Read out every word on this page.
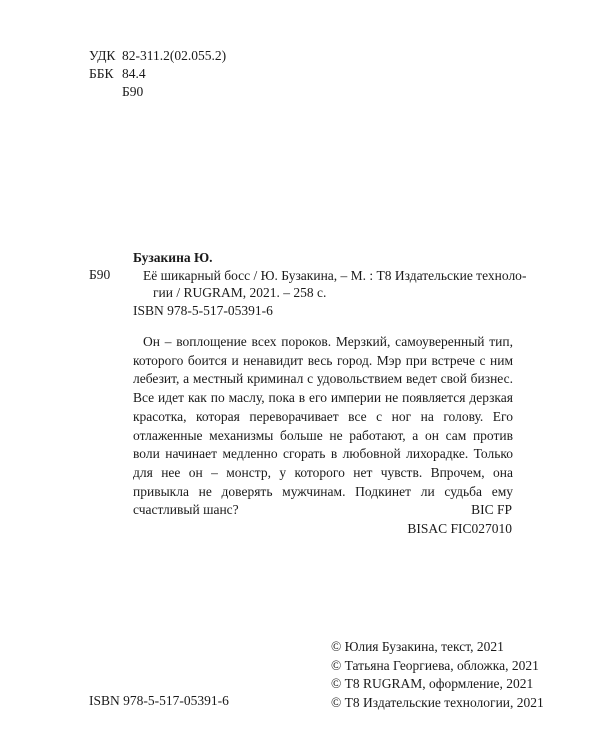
УДК 82-311.2(02.055.2)
ББК 84.4
Б90
Бузакина Ю.
Б90 Её шикарный босс / Ю. Бузакина, – М. : Т8 Издательские технологии / RUGRAM, 2021. – 258 с.
ISBN 978-5-517-05391-6
Он – воплощение всех пороков. Мерзкий, самоуверенный тип, которого боится и ненавидит весь город. Мэр при встрече с ним лебезит, а местный криминал с удовольствием ведет свой бизнес. Все идет как по маслу, пока в его империи не появляется дерзкая красотка, которая переворачивает все с ног на голову. Его отлаженные механизмы больше не работают, а он сам против воли начинает медленно сгорать в любовной лихорадке. Только для нее он – монстр, у которого нет чувств. Впрочем, она привыкла не доверять мужчинам. Подкинет ли судьба ему счастливый шанс?	BIC FP
BISAC FIC027010
© Юлия Бузакина, текст, 2021
© Татьяна Георгиева, обложка, 2021
© Т8 RUGRAM, оформление, 2021
© Т8 Издательские технологии, 2021
ISBN 978-5-517-05391-6
